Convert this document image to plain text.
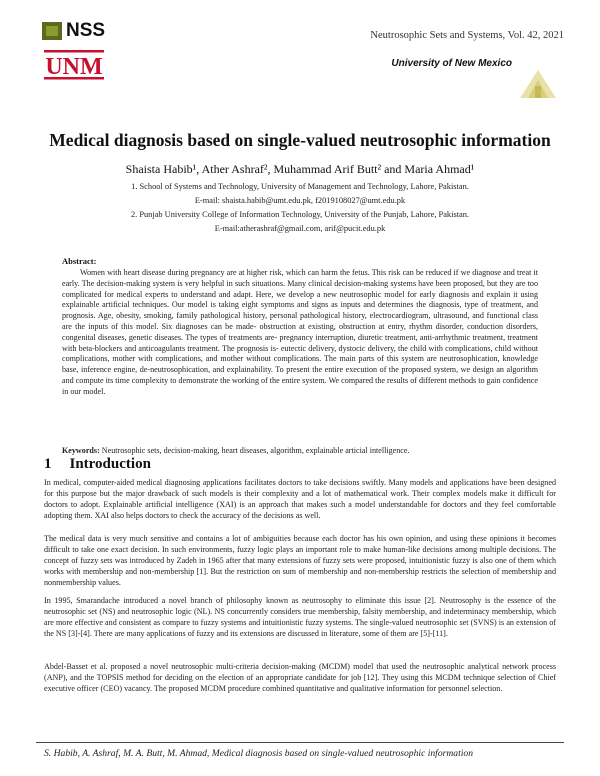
NSS
UNM
Neutrosophic Sets and Systems, Vol. 42, 2021
University of New Mexico
Medical diagnosis based on single-valued neutrosophic information
Shaista Habib¹, Ather Ashraf², Muhammad Arif Butt² and Maria Ahmad¹
1. School of Systems and Technology, University of Management and Technology, Lahore, Pakistan.
E-mail: shaista.habib@umt.edu.pk, f2019108027@umt.edu.pk
2. Punjab University College of Information Technology, University of the Punjab, Lahore, Pakistan.
E-mail:atherashraf@gmail.com, arif@pucit.edu.pk
Abstract:
Women with heart disease during pregnancy are at higher risk, which can harm the fetus. This risk can be reduced if we diagnose and treat it early. The decision-making system is very helpful in such situations. Many clinical decision-making systems have been proposed, but they are too complicated for medical experts to understand and adapt. Here, we develop a new neutrosophic model for early diagnosis and explain it using explainable artificial techniques. Our model is taking eight symptoms and signs as inputs and determines the diagnosis, type of treatment, and prognosis. Age, obesity, smoking, family pathological history, personal pathological history, electrocardiogram, ultrasound, and functional class are the inputs of this model. Six diagnoses can be made- obstruction at existing, obstruction at entry, rhythm disorder, conduction disorders, congenital diseases, genetic diseases. The types of treatments are- pregnancy interruption, diuretic treatment, anti-arrhythmic treatment, treatment with beta-blockers and anticoagulants treatment. The prognosis is- eutectic delivery, dystocic delivery, the child with complications, child without complications, mother with complications, and mother without complications. The main parts of this system are neutrosophication, knowledge base, inference engine, de-neutrosophication, and explainability. To present the entire execution of the proposed system, we design an algorithm and compute its time complexity to demonstrate the working of the entire system. We compared the results of different methods to gain confidence in our model.
Keywords: Neutrosophic sets, decision-making, heart diseases, algorithm, explainable articial intelligence.
1 Introduction
In medical, computer-aided medical diagnosing applications facilitates doctors to take decisions swiftly. Many models and applications have been designed for this purpose but the major drawback of such models is their complexity and a lot of mathematical work. Their complex models make it difficult for doctors to adopt. Explainable artificial intelligence (XAI) is an approach that makes such a model understandable for doctors and they feel comfortable adopting them. XAI also helps doctors to check the accuracy of the decisions as well.
The medical data is very much sensitive and contains a lot of ambiguities because each doctor has his own opinion, and using these opinions it becomes difficult to take one exact decision. In such environments, fuzzy logic plays an important role to make human-like decisions among multiple decisions. The concept of fuzzy sets was introduced by Zadeh in 1965 after that many extensions of fuzzy sets were proposed, intuitionistic fuzzy is also one of them which works with membership and non-membership [1]. But the restriction on sum of membership and non-membership restricts the selection of membership and nonmembership values.
In 1995, Smarandache introduced a novel branch of philosophy known as neutrosophy to eliminate this issue [2]. Neutrosophy is the essence of the neutrosophic set (NS) and neutrosophic logic (NL). NS concurrently considers true membership, falsity membership, and indeterminacy membership, which are more effective and consistent as compare to fuzzy systems and intuitionistic fuzzy systems. The single-valued neutrosophic set (SVNS) is an extension of the NS [3]-[4]. There are many applications of fuzzy and its extensions are discussed in literature, some of them are [5]-[11].
Abdel-Basset et al. proposed a novel neutrosophic multi-criteria decision-making (MCDM) model that used the neutrosophic analytical network process (ANP), and the TOPSIS method for deciding on the election of an appropriate candidate for job [12]. They using this MCDM technique selection of Chief executive officer (CEO) vacancy. The proposed MCDM procedure combined quantitative and qualitative information for personnel selection.
S. Habib, A. Ashraf, M. A. Butt, M. Ahmad, Medical diagnosis based on single-valued neutrosophic information
